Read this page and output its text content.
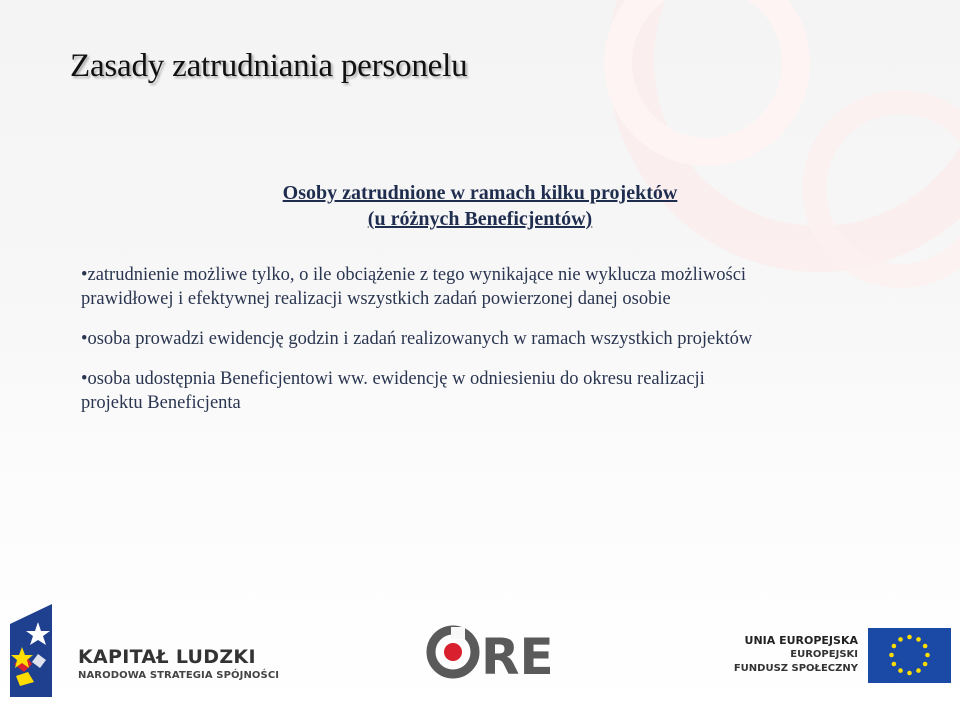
Zasady zatrudniania personelu
Osoby zatrudnione w ramach kilku projektów
(u różnych Beneficjentów)
• zatrudnienie możliwe tylko, o ile obciążenie z tego wynikające nie wyklucza możliwości
prawidłowej i efektywnej realizacji wszystkich zadań powierzonej danej osobie
• osoba prowadzi ewidencję godzin i zadań realizowanych w ramach wszystkich projektów
• osoba udostępnia Beneficjentowi ww. ewidencję w odniesieniu do okresu realizacji
projektu Beneficjenta
KAPITAŁ LUDZKI
NARODOWA STRATEGIA SPÓJNOŚCI	RE	UNIA EUROPEJSKA
EUROPEJSKI
FUNDUSZ SPOŁECZNY
